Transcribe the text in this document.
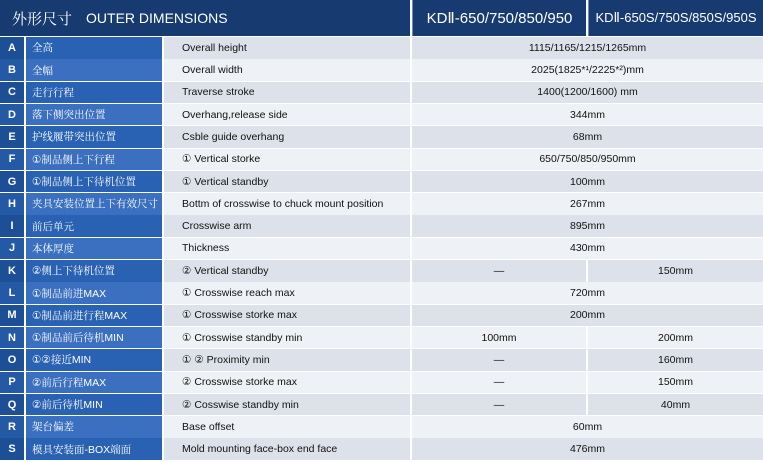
外形尺寸 OUTER DIMENSIONS	KDⅡ-650/750/850/950	KDⅡ-650S/750S/850S/950S
A	全高	Overall height	1115/1165/1215/1265mm
B	全幅	Overall width	2025(1825*¹/2225*²)mm
C	走行行程	Traverse stroke	1400(1200/1600) mm
D	落下侧突出位置	Overhang,release side	344mm
E	护线履带突出位置	Csble guide overhang	68mm
F	①制品侧上下行程	① Vertical storke	650/750/850/950mm
G	①制品侧上下待机位置	① Vertical standby	100mm
H	夹具安装位置上下有效尺寸	Bottm of crosswise to chuck mount position	267mm
I	前后单元	Crosswise arm	895mm
J	本体厚度	Thickness	430mm
K	②侧上下待机位置	② Vertical standby	—	150mm
L	①制品前进MAX	① Crosswise reach max	720mm
M	①制品前进行程MAX	① Crosswise storke max	200mm
N	①制品前后待机MIN	① Crosswise standby min	100mm	200mm
O	①②接近MIN	① ② Proximity min	—	160mm
P	②前后行程MAX	② Crosswise storke max	—	150mm
Q	②前后待机MIN	② Cosswise standby min	—	40mm
R	架台偏差	Base offset	60mm
S	模具安装面-BOX端面	Mold mounting face-box end face	476mm
